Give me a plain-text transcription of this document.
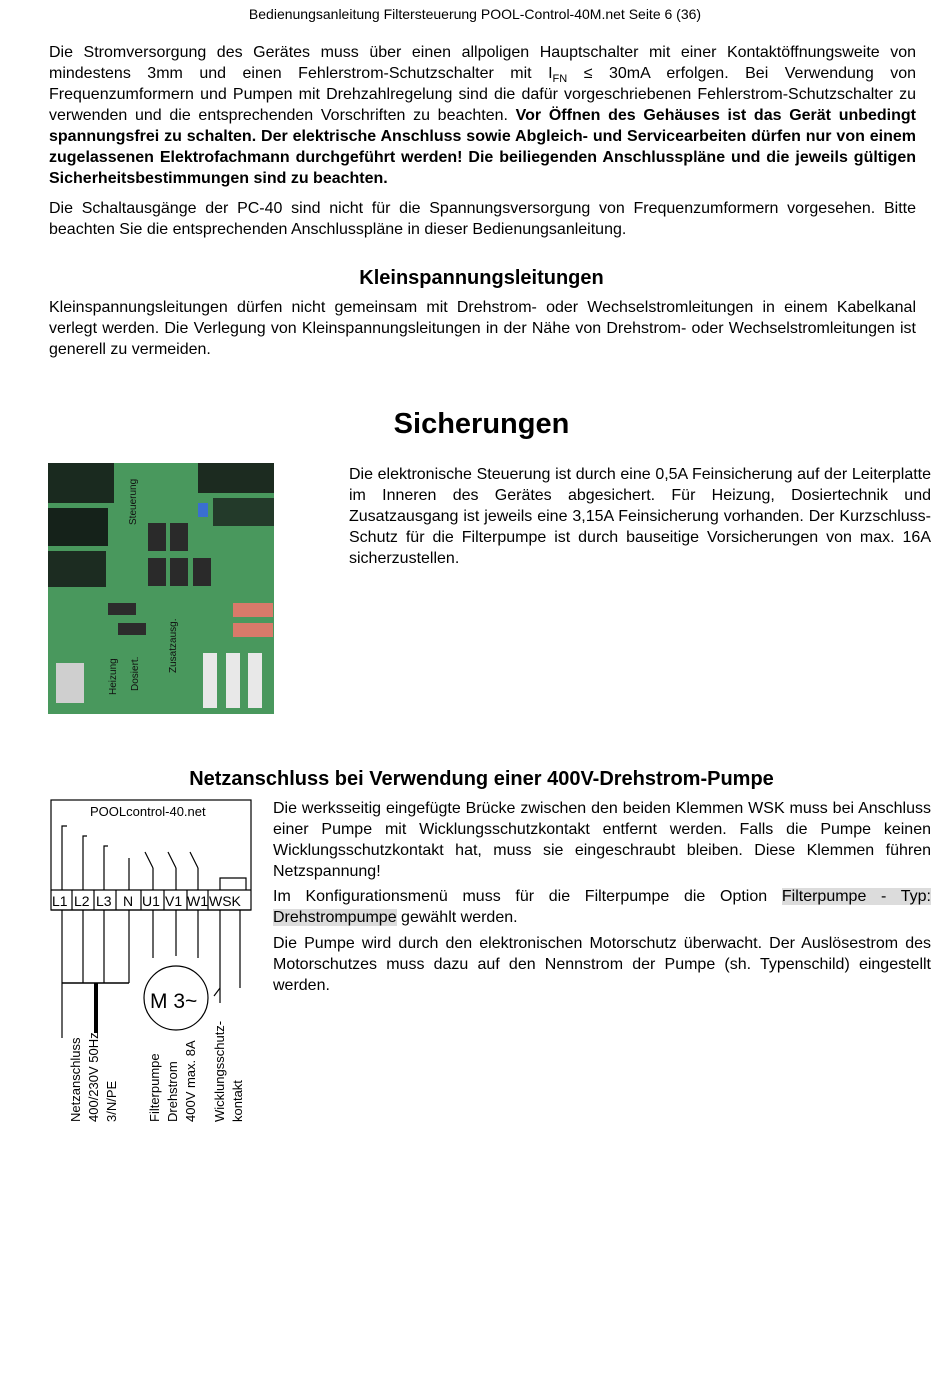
Bedienungsanleitung Filtersteuerung POOL-Control-40M.net Seite 6 (36)

Die Stromversorgung des Gerätes muss über einen allpoligen Hauptschalter mit einer Kontaktöffnungsweite von mindestens 3mm und einen Fehlerstrom-Schutzschalter mit $I_{FN} \le 30mA$ erfolgen. Bei Verwendung von Frequenzumformern und Pumpen mit Drehzahlregelung sind die dafür vorgeschriebenen Fehlerstrom-Schutzschalter zu verwenden und die entsprechenden Vorschriften zu beachten. Vor Öffnen des Gehäuses ist das Gerät unbedingt spannungsfrei zu schalten. Der elektrische Anschluss sowie Abgleich- und Servicearbeiten dürfen nur von einem zugelassenen Elektrofachmann durchgeführt werden! Die beiliegenden Anschlusspläne und die jeweils gültigen Sicherheitsbestimmungen sind zu beachten.

Die Schaltausgänge der PC-40 sind nicht für die Spannungsversorgung von Frequenzumformern vorgesehen. Bitte beachten Sie die entsprechenden Anschlusspläne in dieser Bedienungsanleitung.

Kleinspannungsleitungen

Kleinspannungsleitungen dürfen nicht gemeinsam mit Drehstrom- oder Wechselstromleitungen in einem Kabelkanal verlegt werden. Die Verlegung von Kleinspannungsleitungen in der Nähe von Drehstrom- oder Wechselstromleitungen ist generell zu vermeiden.

Sicherungen
Steuerung
Zusatzausg.
Heizung Dosiert.

Die elektronische Steuerung ist durch eine 0,5A Feinsicherung auf der Leiterplatte im Inneren des Gerätes abgesichert. Für Heizung, Dosiertechnik und Zusatzausgang ist jeweils eine 3,15A Feinsicherung vorhanden. Der Kurzschluss-Schutz für die Filterpumpe ist durch bauseitige Vorsicherungen von max. 16A sicherzustellen.

Netzanschluss bei Verwendung einer 400V-Drehstrom-Pumpe
POOLcontrol-40.net
L1 L2 L3 N U1 V1 W1 WSK
M 3~
Netzanschluss 400/230V 50Hz 3/N/PE Filterpumpe Drehstrom 400V max. 8A Wicklungsschutz- kontakt

Die werksseitig eingefügte Brücke zwischen den beiden Klemmen WSK muss bei Anschluss einer Pumpe mit Wicklungsschutzkontakt entfernt werden. Falls die Pumpe keinen Wicklungsschutzkontakt hat, muss sie eingeschraubt bleiben. Diese Klemmen führen Netzspannung!

Im Konfigurationsmenü muss für die Filterpumpe die Option Filterpumpe - Typ: Drehstrompumpe gewählt werden.

Die Pumpe wird durch den elektronischen Motorschutz überwacht. Der Auslösestrom des Motorschutzes muss dazu auf den Nennstrom der Pumpe (sh. Typenschild) eingestellt werden.
